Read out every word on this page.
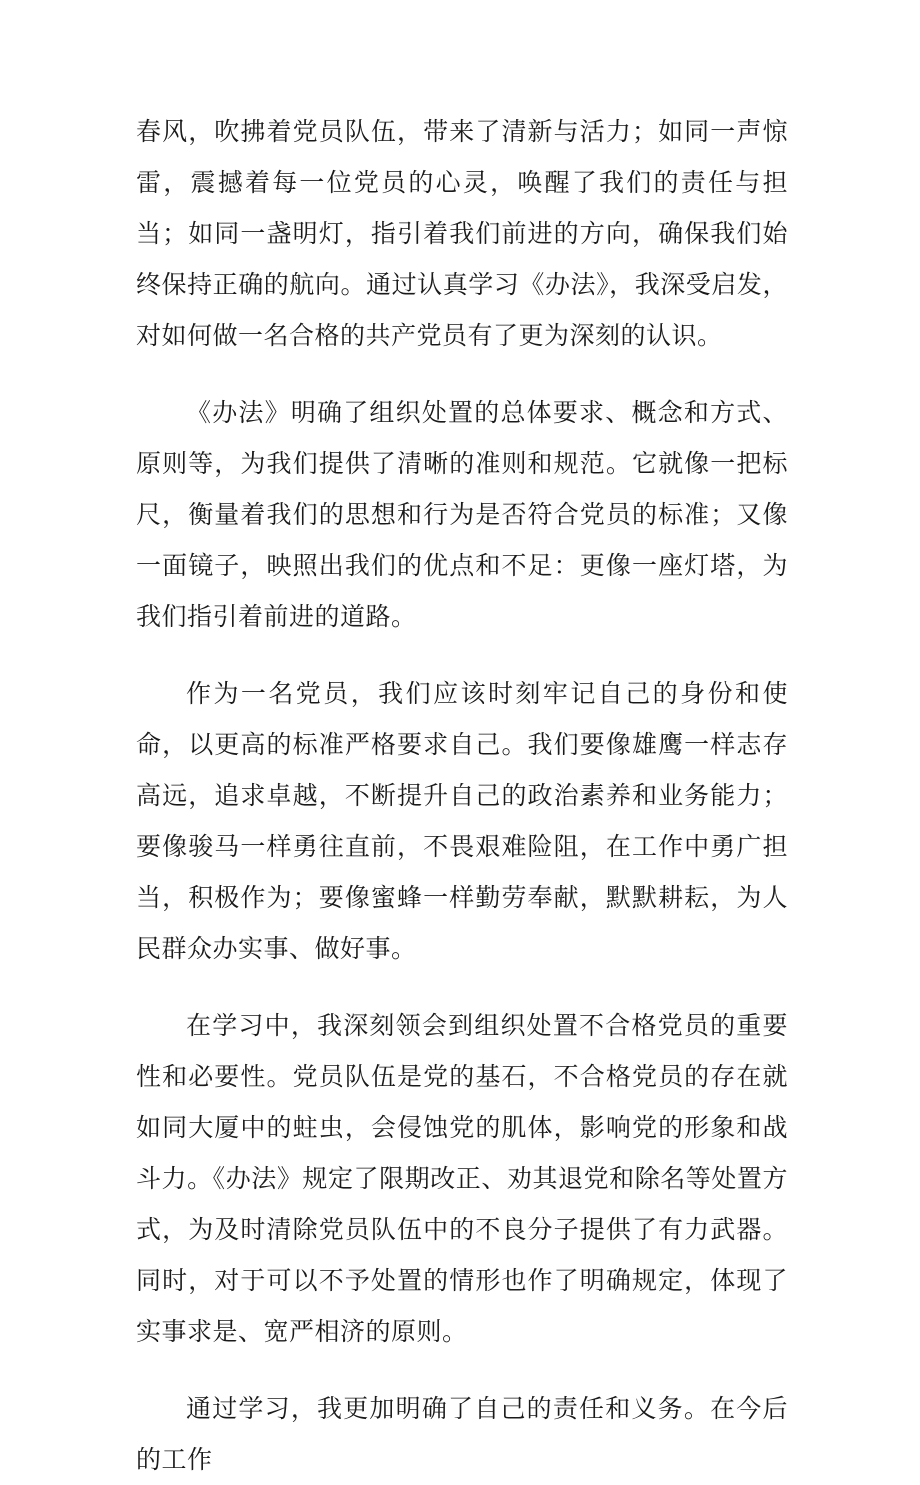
春风，吹拂着党员队伍，带来了清新与活力；如同一声惊雷，震撼着每一位党员的心灵，唤醒了我们的责任与担当；如同一盏明灯，指引着我们前进的方向，确保我们始终保持正确的航向。通过认真学习《办法》，我深受启发，对如何做一名合格的共产党员有了更为深刻的认识。

《办法》明确了组织处置的总体要求、概念和方式、原则等，为我们提供了清晰的准则和规范。它就像一把标尺，衡量着我们的思想和行为是否符合党员的标准；又像一面镜子，映照出我们的优点和不足：更像一座灯塔，为我们指引着前进的道路。

作为一名党员，我们应该时刻牢记自己的身份和使命，以更高的标准严格要求自己。我们要像雄鹰一样志存高远，追求卓越，不断提升自己的政治素养和业务能力；要像骏马一样勇往直前，不畏艰难险阻，在工作中勇广担当，积极作为；要像蜜蜂一样勤劳奉献，默默耕耘，为人民群众办实事、做好事。

在学习中，我深刻领会到组织处置不合格党员的重要性和必要性。党员队伍是党的基石，不合格党员的存在就如同大厦中的蛀虫，会侵蚀党的肌体，影响党的形象和战斗力。《办法》规定了限期改正、劝其退党和除名等处置方式，为及时清除党员队伍中的不良分子提供了有力武器。同时，对于可以不予处置的情形也作了明确规定，体现了实事求是、宽严相济的原则。

通过学习，我更加明确了自己的责任和义务。在今后的工作
